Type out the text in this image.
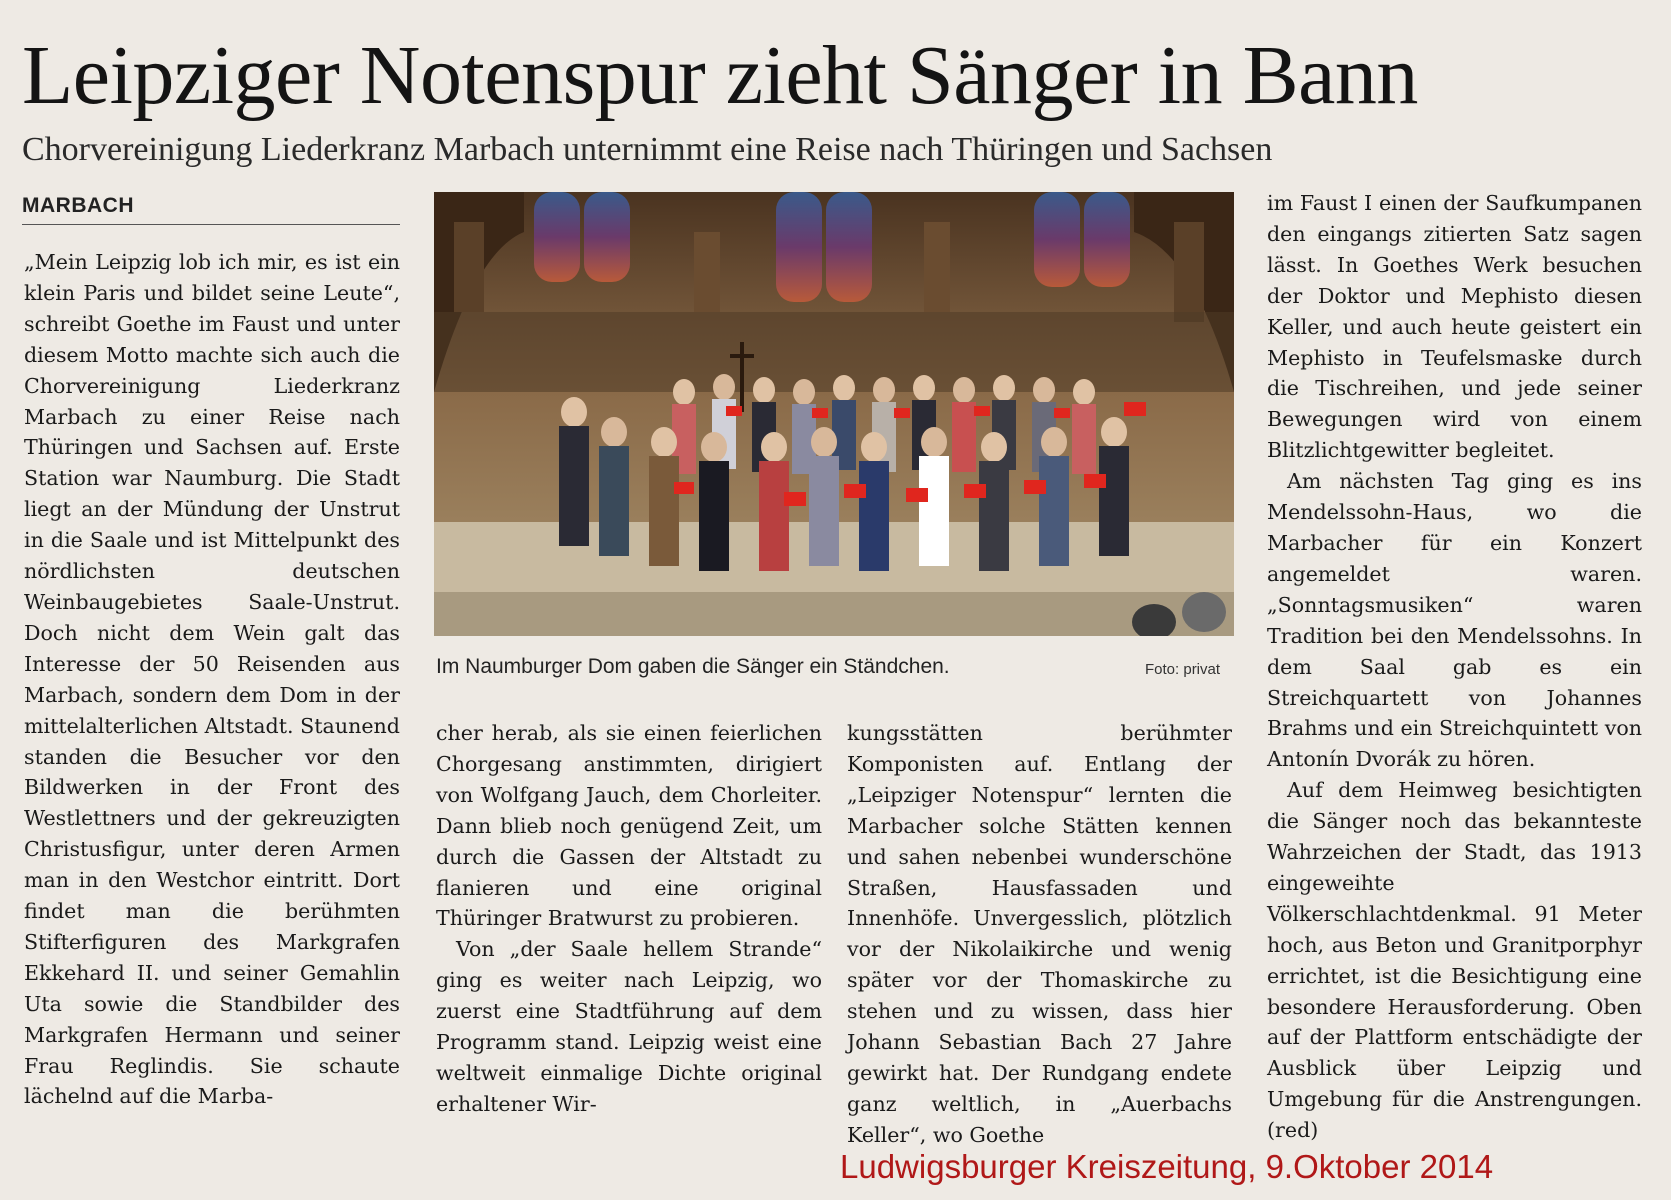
Leipziger Notenspur zieht Sänger in Bann
Chorvereinigung Liederkranz Marbach unternimmt eine Reise nach Thüringen und Sachsen
MARBACH

„Mein Leipzig lob ich mir, es ist ein klein Paris und bildet seine Leute“, schreibt Goethe im Faust und unter diesem Motto machte sich auch die Chorvereinigung Liederkranz Marbach zu einer Reise nach Thüringen und Sachsen auf. Erste Station war Naumburg. Die Stadt liegt an der Mündung der Unstrut in die Saale und ist Mittelpunkt des nördlichsten deutschen Weinbaugebietes Saale-Unstrut. Doch nicht dem Wein galt das Interesse der 50 Reisenden aus Marbach, sondern dem Dom in der mittelalterlichen Altstadt. Staunend standen die Besucher vor den Bildwerken in der Front des Westlettners und der gekreuzigten Christusfigur, unter deren Armen man in den Westchor eintritt. Dort findet man die berühmten Stifterfiguren des Markgrafen Ekkehard II. und seiner Gemahlin Uta sowie die Standbilder des Markgrafen Hermann und seiner Frau Reglindis. Sie schaute lächelnd auf die Marba-

Im Naumburger Dom gaben die Sänger ein Ständchen.	Foto: privat

cher herab, als sie einen feierlichen Chorgesang anstimmten, dirigiert von Wolfgang Jauch, dem Chorleiter. Dann blieb noch genügend Zeit, um durch die Gassen der Altstadt zu flanieren und eine original Thüringer Bratwurst zu probieren.

Von „der Saale hellem Strande“ ging es weiter nach Leipzig, wo zuerst eine Stadtführung auf dem Programm stand. Leipzig weist eine weltweit einmalige Dichte original erhaltener Wir-

kungsstätten berühmter Komponisten auf. Entlang der „Leipziger Notenspur“ lernten die Marbacher solche Stätten kennen und sahen nebenbei wunderschöne Straßen, Hausfassaden und Innenhöfe. Unvergesslich, plötzlich vor der Nikolaikirche und wenig später vor der Thomaskirche zu stehen und zu wissen, dass hier Johann Sebastian Bach 27 Jahre gewirkt hat. Der Rundgang endete ganz weltlich, in „Auerbachs Keller“, wo Goethe

im Faust I einen der Saufkumpanen den eingangs zitierten Satz sagen lässt. In Goethes Werk besuchen der Doktor und Mephisto diesen Keller, und auch heute geistert ein Mephisto in Teufelsmaske durch die Tischreihen, und jede seiner Bewegungen wird von einem Blitzlichtgewitter begleitet.

Am nächsten Tag ging es ins Mendelssohn-Haus, wo die Marbacher für ein Konzert angemeldet waren. „Sonntagsmusiken“ waren Tradition bei den Mendelssohns. In dem Saal gab es ein Streichquartett von Johannes Brahms und ein Streichquintett von Antonín Dvorák zu hören.

Auf dem Heimweg besichtigten die Sänger noch das bekannteste Wahrzeichen der Stadt, das 1913 eingeweihte Völkerschlachtdenkmal. 91 Meter hoch, aus Beton und Granitporphyr errichtet, ist die Besichtigung eine besondere Herausforderung. Oben auf der Plattform entschädigte der Ausblick über Leipzig und Umgebung für die Anstrengungen. (red)

Ludwigsburger Kreiszeitung, 9.Oktober 2014
